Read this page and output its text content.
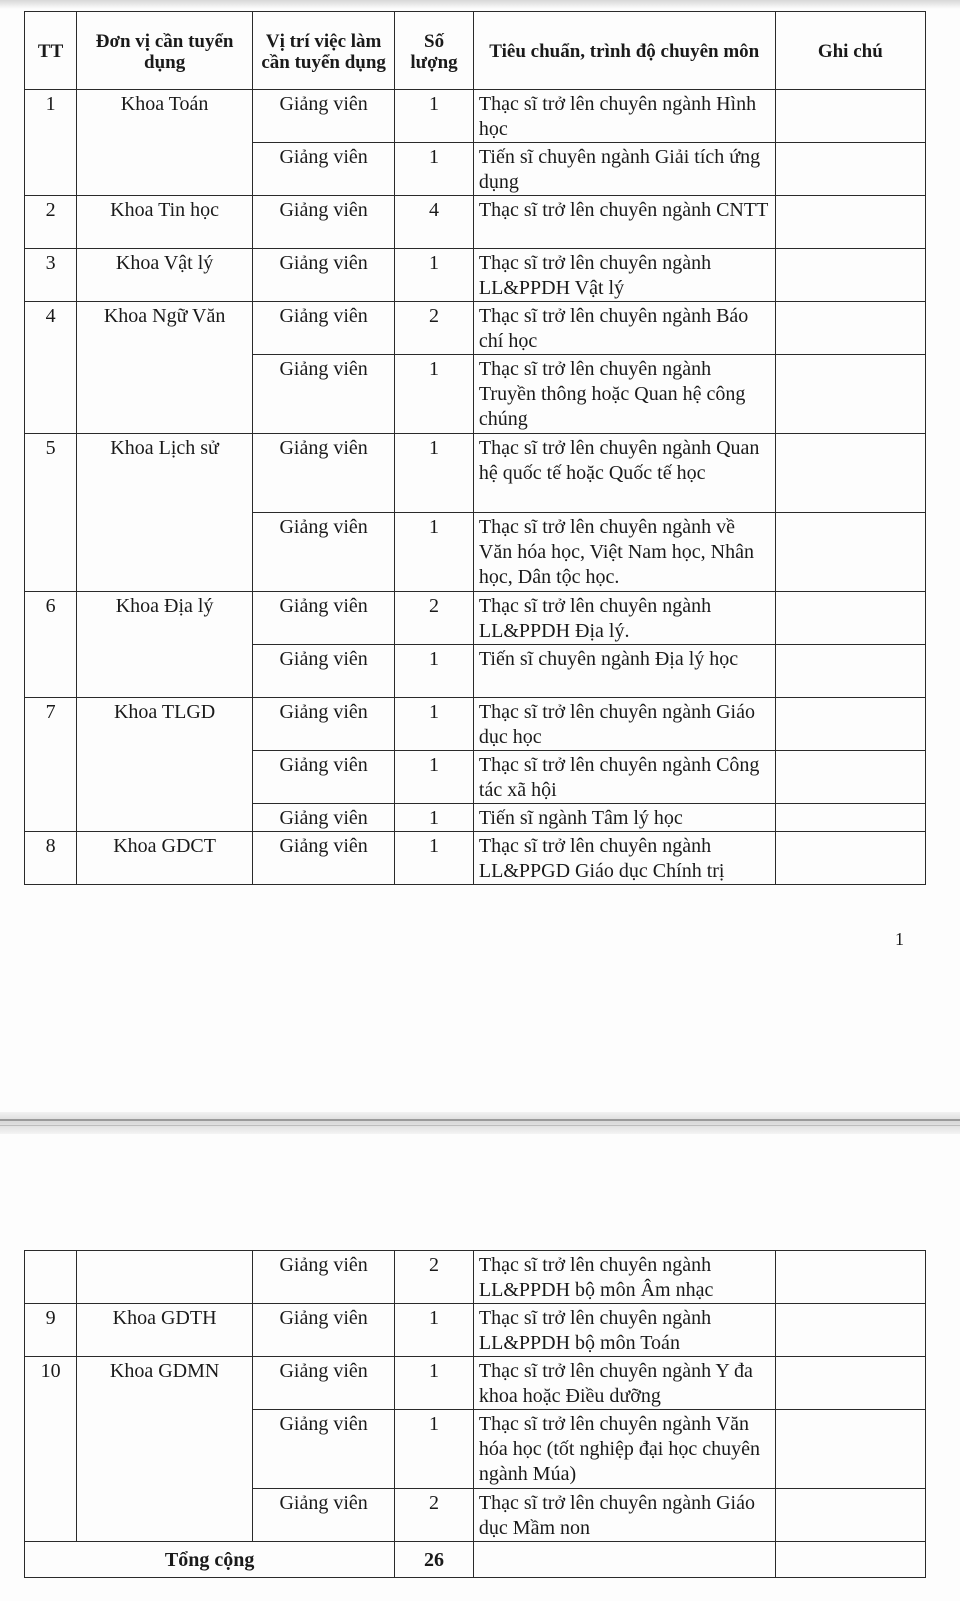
TT	Đơn vị cần tuyển dụng	Vị trí việc làm cần tuyển dụng	Số lượng	Tiêu chuẩn, trình độ chuyên môn	Ghi chú
1	Khoa Toán	Giảng viên	1	Thạc sĩ trở lên chuyên ngành Hình học	
		Giảng viên	1	Tiến sĩ chuyên ngành Giải tích ứng dụng	
2	Khoa Tin học	Giảng viên	4	Thạc sĩ trở lên chuyên ngành CNTT	
3	Khoa Vật lý	Giảng viên	1	Thạc sĩ trở lên chuyên ngành LL&PPDH Vật lý	
4	Khoa Ngữ Văn	Giảng viên	2	Thạc sĩ trở lên chuyên ngành Báo chí học	
		Giảng viên	1	Thạc sĩ trở lên chuyên ngành Truyền thông hoặc Quan hệ công chúng	
5	Khoa Lịch sử	Giảng viên	1	Thạc sĩ trở lên chuyên ngành Quan hệ quốc tế hoặc Quốc tế học	
		Giảng viên	1	Thạc sĩ trở lên chuyên ngành về Văn hóa học, Việt Nam học, Nhân học, Dân tộc học.	
6	Khoa Địa lý	Giảng viên	2	Thạc sĩ trở lên chuyên ngành LL&PPDH Địa lý.	
		Giảng viên	1	Tiến sĩ chuyên ngành Địa lý học	
7	Khoa TLGD	Giảng viên	1	Thạc sĩ trở lên chuyên ngành Giáo dục học	
		Giảng viên	1	Thạc sĩ trở lên chuyên ngành Công tác xã hội	
		Giảng viên	1	Tiến sĩ ngành Tâm lý học	
8	Khoa GDCT	Giảng viên	1	Thạc sĩ trở lên chuyên ngành LL&PPGD Giáo dục Chính trị	
1
		Giảng viên	2	Thạc sĩ trở lên chuyên ngành LL&PPDH bộ môn Âm nhạc	
9	Khoa GDTH	Giảng viên	1	Thạc sĩ trở lên chuyên ngành LL&PPDH bộ môn Toán	
10	Khoa GDMN	Giảng viên	1	Thạc sĩ trở lên chuyên ngành Y đa khoa hoặc Điều dưỡng	
		Giảng viên	1	Thạc sĩ trở lên chuyên ngành Văn hóa học (tốt nghiệp đại học chuyên ngành Múa)	
		Giảng viên	2	Thạc sĩ trở lên chuyên ngành Giáo dục Mầm non	
Tổng cộng			26		
